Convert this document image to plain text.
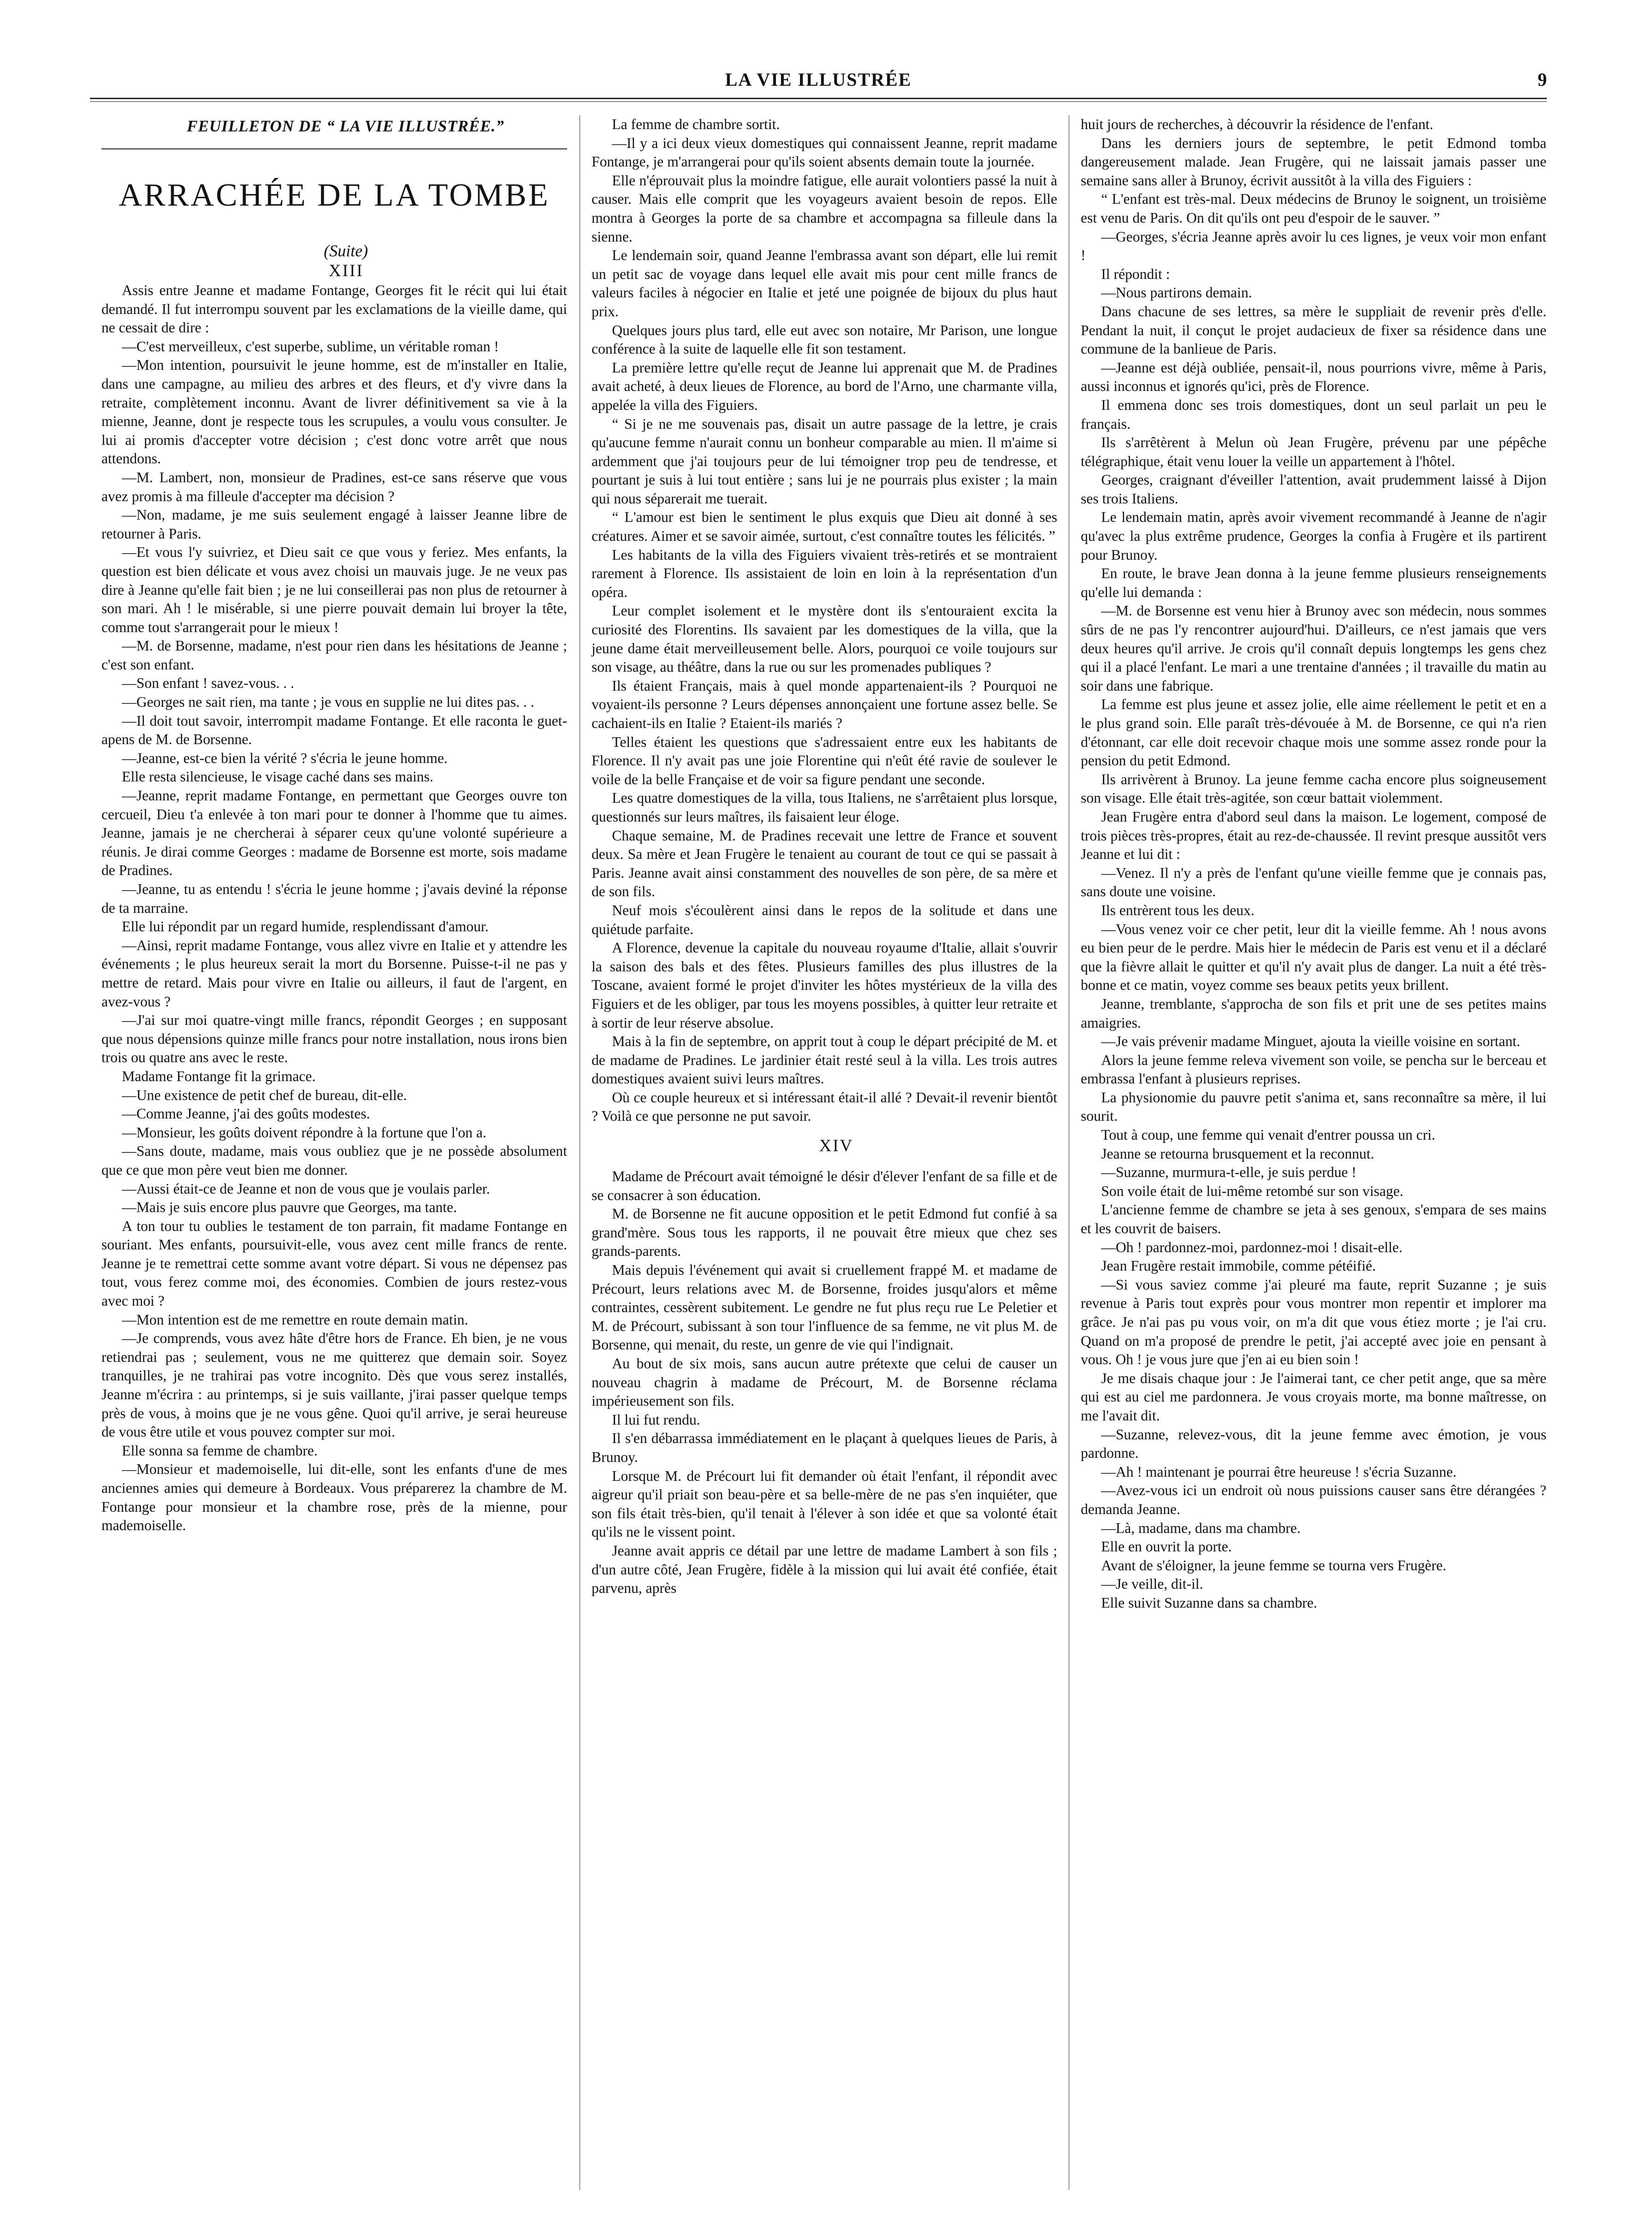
LA VIE ILLUSTRÉE	9

FEUILLETON DE “ LA VIE ILLUSTRÉE.”

ARRACHÉE DE LA TOMBE

(Suite)

XIII

Assis entre Jeanne et madame Fontange, Georges fit le récit qui lui était demandé. Il fut interrompu souvent par les exclamations de la vieille dame, qui ne cessait de dire :

—C'est merveilleux, c'est superbe, sublime, un véritable roman !

—Mon intention, poursuivit le jeune homme, est de m'installer en Italie, dans une campagne, au milieu des arbres et des fleurs, et d'y vivre dans la retraite, complètement inconnu. Avant de livrer définitivement sa vie à la mienne, Jeanne, dont je respecte tous les scrupules, a voulu vous consulter. Je lui ai promis d'accepter votre décision ; c'est donc votre arrêt que nous attendons.

—M. Lambert, non, monsieur de Pradines, est-ce sans réserve que vous avez promis à ma filleule d'accepter ma décision ?

—Non, madame, je me suis seulement engagé à laisser Jeanne libre de retourner à Paris.

—Et vous l'y suivriez, et Dieu sait ce que vous y feriez. Mes enfants, la question est bien délicate et vous avez choisi un mauvais juge. Je ne veux pas dire à Jeanne qu'elle fait bien ; je ne lui conseillerai pas non plus de retourner à son mari. Ah ! le misérable, si une pierre pouvait demain lui broyer la tête, comme tout s'arrangerait pour le mieux !

—M. de Borsenne, madame, n'est pour rien dans les hésitations de Jeanne ; c'est son enfant.

—Son enfant ! savez-vous. . .

—Georges ne sait rien, ma tante ; je vous en supplie ne lui dites pas. . .

—Il doit tout savoir, interrompit madame Fontange. Et elle raconta le guet-apens de M. de Borsenne.

—Jeanne, est-ce bien la vérité ? s'écria le jeune homme.

Elle resta silencieuse, le visage caché dans ses mains.

—Jeanne, reprit madame Fontange, en permettant que Georges ouvre ton cercueil, Dieu t'a enlevée à ton mari pour te donner à l'homme que tu aimes. Jeanne, jamais je ne chercherai à séparer ceux qu'une volonté supérieure a réunis. Je dirai comme Georges : madame de Borsenne est morte, sois madame de Pradines.

—Jeanne, tu as entendu ! s'écria le jeune homme ; j'avais deviné la réponse de ta marraine.

Elle lui répondit par un regard humide, resplendissant d'amour.

—Ainsi, reprit madame Fontange, vous allez vivre en Italie et y attendre les événements ; le plus heureux serait la mort du Borsenne. Puisse-t-il ne pas y mettre de retard. Mais pour vivre en Italie ou ailleurs, il faut de l'argent, en avez-vous ?

—J'ai sur moi quatre-vingt mille francs, répondit Georges ; en supposant que nous dépensions quinze mille francs pour notre installation, nous irons bien trois ou quatre ans avec le reste.

Madame Fontange fit la grimace.

—Une existence de petit chef de bureau, dit-elle.

—Comme Jeanne, j'ai des goûts modestes.

—Monsieur, les goûts doivent répondre à la fortune que l'on a.

—Sans doute, madame, mais vous oubliez que je ne possède absolument que ce que mon père veut bien me donner.

—Aussi était-ce de Jeanne et non de vous que je voulais parler.

—Mais je suis encore plus pauvre que Georges, ma tante.

A ton tour tu oublies le testament de ton parrain, fit madame Fontange en souriant. Mes enfants, poursuivit-elle, vous avez cent mille francs de rente. Jeanne je te remettrai cette somme avant votre départ. Si vous ne dépensez pas tout, vous ferez comme moi, des économies. Combien de jours restez-vous avec moi ?

—Mon intention est de me remettre en route demain matin.

—Je comprends, vous avez hâte d'être hors de France. Eh bien, je ne vous retiendrai pas ; seulement, vous ne me quitterez que demain soir. Soyez tranquilles, je ne trahirai pas votre incognito. Dès que vous serez installés, Jeanne m'écrira : au printemps, si je suis vaillante, j'irai passer quelque temps près de vous, à moins que je ne vous gêne. Quoi qu'il arrive, je serai heureuse de vous être utile et vous pouvez compter sur moi.

Elle sonna sa femme de chambre.

—Monsieur et mademoiselle, lui dit-elle, sont les enfants d'une de mes anciennes amies qui demeure à Bordeaux. Vous préparerez la chambre de M. Fontange pour monsieur et la chambre rose, près de la mienne, pour mademoiselle.

La femme de chambre sortit.

—Il y a ici deux vieux domestiques qui connaissent Jeanne, reprit madame Fontange, je m'arrangerai pour qu'ils soient absents demain toute la journée.

Elle n'éprouvait plus la moindre fatigue, elle aurait volontiers passé la nuit à causer. Mais elle comprit que les voyageurs avaient besoin de repos. Elle montra à Georges la porte de sa chambre et accompagna sa filleule dans la sienne.

Le lendemain soir, quand Jeanne l'embrassa avant son départ, elle lui remit un petit sac de voyage dans lequel elle avait mis pour cent mille francs de valeurs faciles à négocier en Italie et jeté une poignée de bijoux du plus haut prix.

Quelques jours plus tard, elle eut avec son notaire, Mr Parison, une longue conférence à la suite de laquelle elle fit son testament.

La première lettre qu'elle reçut de Jeanne lui apprenait que M. de Pradines avait acheté, à deux lieues de Florence, au bord de l'Arno, une charmante villa, appelée la villa des Figuiers.

“ Si je ne me souvenais pas, disait un autre passage de la lettre, je crais qu'aucune femme n'aurait connu un bonheur comparable au mien. Il m'aime si ardemment que j'ai toujours peur de lui témoigner trop peu de tendresse, et pourtant je suis à lui tout entière ; sans lui je ne pourrais plus exister ; la main qui nous séparerait me tuerait.

“ L'amour est bien le sentiment le plus exquis que Dieu ait donné à ses créatures. Aimer et se savoir aimée, surtout, c'est connaître toutes les félicités. ”

Les habitants de la villa des Figuiers vivaient très-retirés et se montraient rarement à Florence. Ils assistaient de loin en loin à la représentation d'un opéra.

Leur complet isolement et le mystère dont ils s'entouraient excita la curiosité des Florentins. Ils savaient par les domestiques de la villa, que la jeune dame était merveilleusement belle. Alors, pourquoi ce voile toujours sur son visage, au théâtre, dans la rue ou sur les promenades publiques ?

Ils étaient Français, mais à quel monde appartenaient-ils ? Pourquoi ne voyaient-ils personne ? Leurs dépenses annonçaient une fortune assez belle. Se cachaient-ils en Italie ? Etaient-ils mariés ?

Telles étaient les questions que s'adressaient entre eux les habitants de Florence. Il n'y avait pas une joie Florentine qui n'eût été ravie de soulever le voile de la belle Française et de voir sa figure pendant une seconde.

Les quatre domestiques de la villa, tous Italiens, ne s'arrêtaient plus lorsque, questionnés sur leurs maîtres, ils faisaient leur éloge.

Chaque semaine, M. de Pradines recevait une lettre de France et souvent deux. Sa mère et Jean Frugère le tenaient au courant de tout ce qui se passait à Paris. Jeanne avait ainsi constamment des nouvelles de son père, de sa mère et de son fils.

Neuf mois s'écoulèrent ainsi dans le repos de la solitude et dans une quiétude parfaite.

A Florence, devenue la capitale du nouveau royaume d'Italie, allait s'ouvrir la saison des bals et des fêtes. Plusieurs familles des plus illustres de la Toscane, avaient formé le projet d'inviter les hôtes mystérieux de la villa des Figuiers et de les obliger, par tous les moyens possibles, à quitter leur retraite et à sortir de leur réserve absolue.

Mais à la fin de septembre, on apprit tout à coup le départ précipité de M. et de madame de Pradines. Le jardinier était resté seul à la villa. Les trois autres domestiques avaient suivi leurs maîtres.

Où ce couple heureux et si intéressant était-il allé ? Devait-il revenir bientôt ? Voilà ce que personne ne put savoir.

XIV

Madame de Précourt avait témoigné le désir d'élever l'enfant de sa fille et de se consacrer à son éducation.

M. de Borsenne ne fit aucune opposition et le petit Edmond fut confié à sa grand'mère. Sous tous les rapports, il ne pouvait être mieux que chez ses grands-parents.

Mais depuis l'événement qui avait si cruellement frappé M. et madame de Précourt, leurs relations avec M. de Borsenne, froides jusqu'alors et même contraintes, cessèrent subitement. Le gendre ne fut plus reçu rue Le Peletier et M. de Précourt, subissant à son tour l'influence de sa femme, ne vit plus M. de Borsenne, qui menait, du reste, un genre de vie qui l'indignait.

Au bout de six mois, sans aucun autre prétexte que celui de causer un nouveau chagrin à madame de Précourt, M. de Borsenne réclama impérieusement son fils.

Il lui fut rendu.

Il s'en débarrassa immédiatement en le plaçant à quelques lieues de Paris, à Brunoy.

Lorsque M. de Précourt lui fit demander où était l'enfant, il répondit avec aigreur qu'il priait son beau-père et sa belle-mère de ne pas s'en inquiéter, que son fils était très-bien, qu'il tenait à l'élever à son idée et que sa volonté était qu'ils ne le vissent point.

Jeanne avait appris ce détail par une lettre de madame Lambert à son fils ; d'un autre côté, Jean Frugère, fidèle à la mission qui lui avait été confiée, était parvenu, après

huit jours de recherches, à découvrir la résidence de l'enfant.

Dans les derniers jours de septembre, le petit Edmond tomba dangereusement malade. Jean Frugère, qui ne laissait jamais passer une semaine sans aller à Brunoy, écrivit aussitôt à la villa des Figuiers :

“ L'enfant est très-mal. Deux médecins de Brunoy le soignent, un troisième est venu de Paris. On dit qu'ils ont peu d'espoir de le sauver. ”

—Georges, s'écria Jeanne après avoir lu ces lignes, je veux voir mon enfant !

Il répondit :

—Nous partirons demain.

Dans chacune de ses lettres, sa mère le suppliait de revenir près d'elle. Pendant la nuit, il conçut le projet audacieux de fixer sa résidence dans une commune de la banlieue de Paris.

—Jeanne est déjà oubliée, pensait-il, nous pourrions vivre, même à Paris, aussi inconnus et ignorés qu'ici, près de Florence.

Il emmena donc ses trois domestiques, dont un seul parlait un peu le français.

Ils s'arrêtèrent à Melun où Jean Frugère, prévenu par une pépêche télégraphique, était venu louer la veille un appartement à l'hôtel.

Georges, craignant d'éveiller l'attention, avait prudemment laissé à Dijon ses trois Italiens.

Le lendemain matin, après avoir vivement recommandé à Jeanne de n'agir qu'avec la plus extrême prudence, Georges la confia à Frugère et ils partirent pour Brunoy.

En route, le brave Jean donna à la jeune femme plusieurs renseignements qu'elle lui demanda :

—M. de Borsenne est venu hier à Brunoy avec son médecin, nous sommes sûrs de ne pas l'y rencontrer aujourd'hui. D'ailleurs, ce n'est jamais que vers deux heures qu'il arrive. Je crois qu'il connaît depuis longtemps les gens chez qui il a placé l'enfant. Le mari a une trentaine d'années ; il travaille du matin au soir dans une fabrique.

La femme est plus jeune et assez jolie, elle aime réellement le petit et en a le plus grand soin. Elle paraît très-dévouée à M. de Borsenne, ce qui n'a rien d'étonnant, car elle doit recevoir chaque mois une somme assez ronde pour la pension du petit Edmond.

Ils arrivèrent à Brunoy. La jeune femme cacha encore plus soigneusement son visage. Elle était très-agitée, son cœur battait violemment.

Jean Frugère entra d'abord seul dans la maison. Le logement, composé de trois pièces très-propres, était au rez-de-chaussée. Il revint presque aussitôt vers Jeanne et lui dit :

—Venez. Il n'y a près de l'enfant qu'une vieille femme que je connais pas, sans doute une voisine.

Ils entrèrent tous les deux.

—Vous venez voir ce cher petit, leur dit la vieille femme. Ah ! nous avons eu bien peur de le perdre. Mais hier le médecin de Paris est venu et il a déclaré que la fièvre allait le quitter et qu'il n'y avait plus de danger. La nuit a été très-bonne et ce matin, voyez comme ses beaux petits yeux brillent.

Jeanne, tremblante, s'approcha de son fils et prit une de ses petites mains amaigries.

—Je vais prévenir madame Minguet, ajouta la vieille voisine en sortant.

Alors la jeune femme releva vivement son voile, se pencha sur le berceau et embrassa l'enfant à plusieurs reprises.

La physionomie du pauvre petit s'anima et, sans reconnaître sa mère, il lui sourit.

Tout à coup, une femme qui venait d'entrer poussa un cri.

Jeanne se retourna brusquement et la reconnut.

—Suzanne, murmura-t-elle, je suis perdue !

Son voile était de lui-même retombé sur son visage.

L'ancienne femme de chambre se jeta à ses genoux, s'empara de ses mains et les couvrit de baisers.

—Oh ! pardonnez-moi, pardonnez-moi ! disait-elle.

Jean Frugère restait immobile, comme pétéifié.

—Si vous saviez comme j'ai pleuré ma faute, reprit Suzanne ; je suis revenue à Paris tout exprès pour vous montrer mon repentir et implorer ma grâce. Je n'ai pas pu vous voir, on m'a dit que vous étiez morte ; je l'ai cru. Quand on m'a proposé de prendre le petit, j'ai accepté avec joie en pensant à vous. Oh ! je vous jure que j'en ai eu bien soin !

Je me disais chaque jour : Je l'aimerai tant, ce cher petit ange, que sa mère qui est au ciel me pardonnera. Je vous croyais morte, ma bonne maîtresse, on me l'avait dit.

—Suzanne, relevez-vous, dit la jeune femme avec émotion, je vous pardonne.

—Ah ! maintenant je pourrai être heureuse ! s'écria Suzanne.

—Avez-vous ici un endroit où nous puissions causer sans être dérangées ? demanda Jeanne.

—Là, madame, dans ma chambre.

Elle en ouvrit la porte.

Avant de s'éloigner, la jeune femme se tourna vers Frugère.

—Je veille, dit-il.

Elle suivit Suzanne dans sa chambre.
